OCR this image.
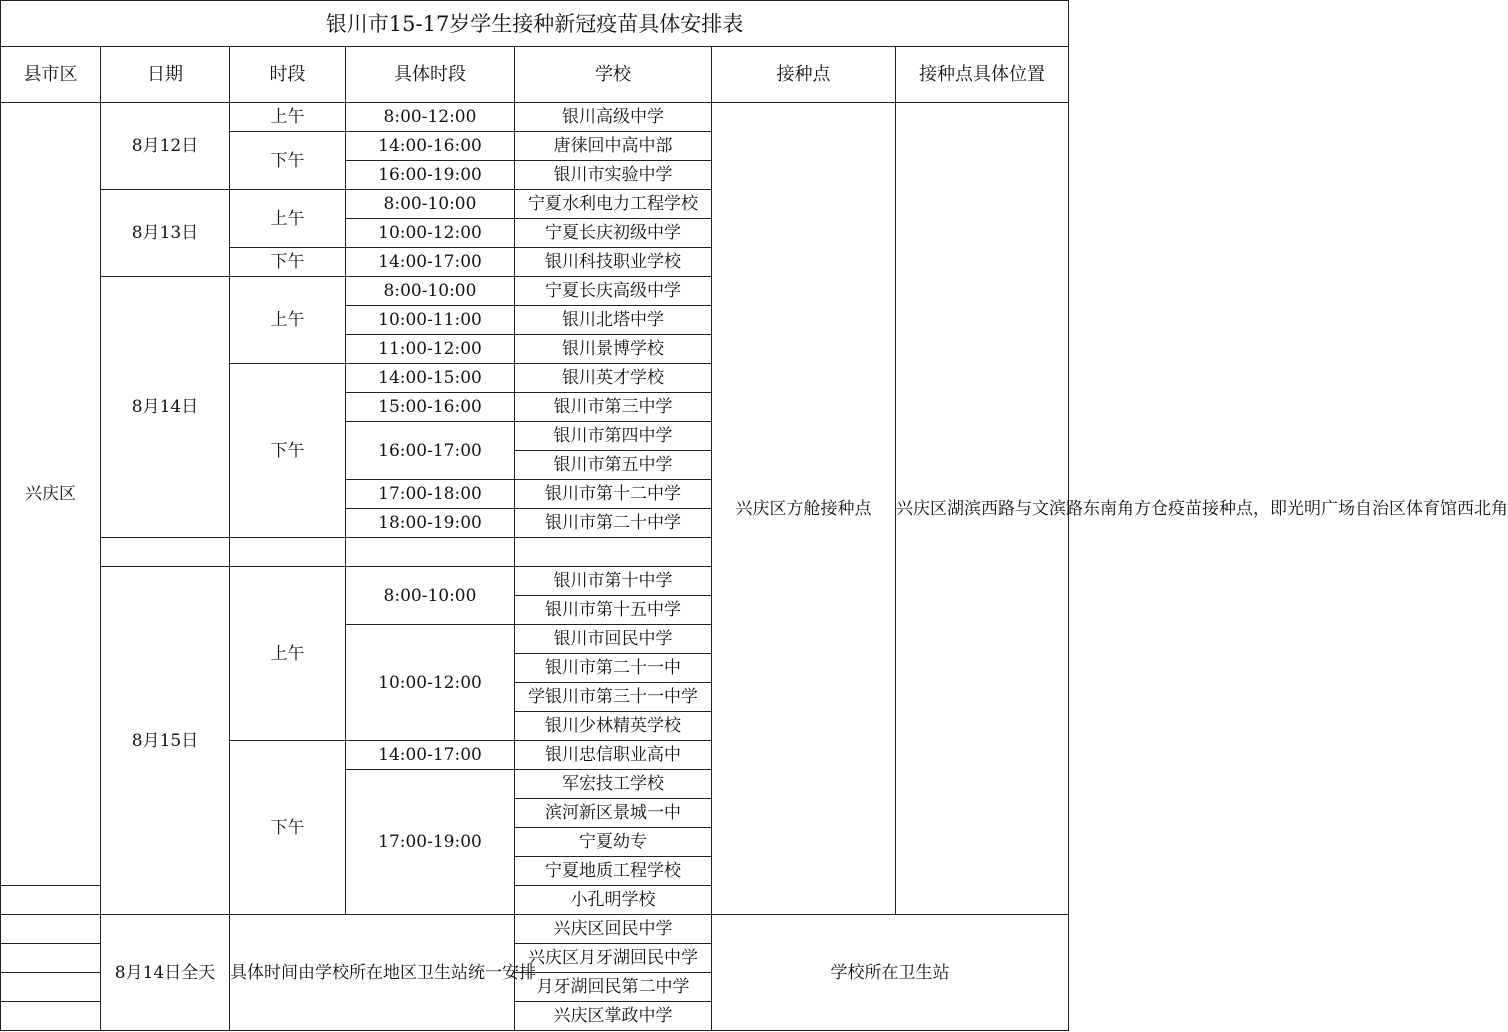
银川市15-17岁学生接种新冠疫苗具体安排表						
县市区	日期	时段	具体时段	学校	接种点	接种点具体位置
兴庆区	8月12日	上午	8:00-12:00	银川高级中学	兴庆区方舱接种点	兴庆区湖滨西路与文滨路东南角方仓疫苗接种点，即光明广场自治区体育馆西北角
		下午	14:00-16:00	唐徕回中高中部		
			16:00-19:00	银川市实验中学		
	8月13日	上午	8:00-10:00	宁夏水利电力工程学校		
			10:00-12:00	宁夏长庆初级中学		
		下午	14:00-17:00	银川科技职业学校		
	8月14日	上午	8:00-10:00	宁夏长庆高级中学		
			10:00-11:00	银川北塔中学		
			11:00-12:00	银川景博学校		
		下午	14:00-15:00	银川英才学校		
			15:00-16:00	银川市第三中学		
			16:00-17:00	银川市第四中学		
				银川市第五中学		
			17:00-18:00	银川市第十二中学		
			18:00-19:00	银川市第二十中学		

	8月15日	上午	8:00-10:00	银川市第十中学		
				银川市第十五中学		
			10:00-12:00	银川市回民中学		
				银川市第二十一中		
				学银川市第三十一中学		
				银川少林精英学校		
		下午	14:00-17:00	银川忠信职业高中		
			17:00-19:00	军宏技工学校		
				滨河新区景城一中		
				宁夏幼专		
				宁夏地质工程学校		
				小孔明学校		
	8月14日全天	具体时间由学校所在地区卫生站统一安排		兴庆区回民中学	学校所在卫生站	
				兴庆区月牙湖回民中学		
				月牙湖回民第二中学		
				兴庆区掌政中学		
